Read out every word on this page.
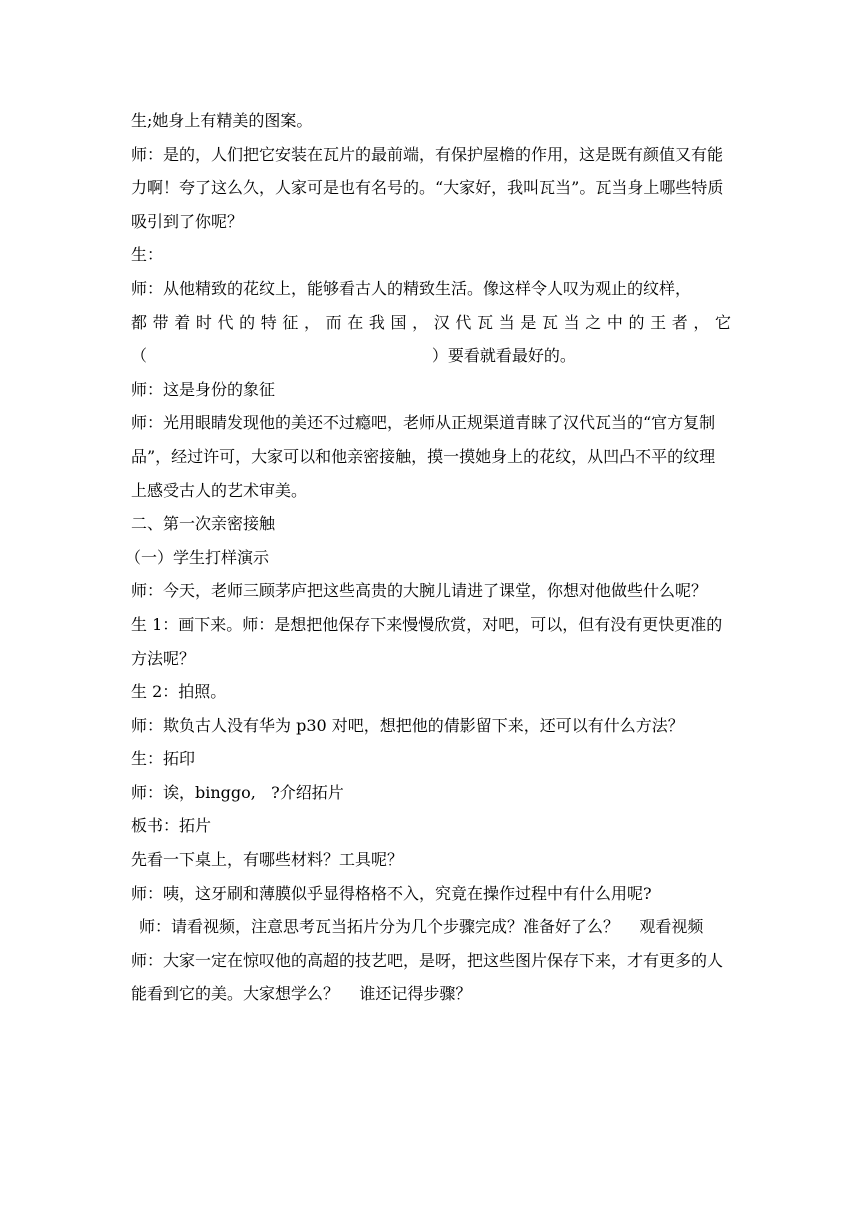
生;她身上有精美的图案。

师：是的，人们把它安装在瓦片的最前端，有保护屋檐的作用，这是既有颜值又有能力啊！夸了这么久，人家可是也有名号的。“大家好，我叫瓦当”。瓦当身上哪些特质吸引到了你呢？

生：

师：从他精致的花纹上，能够看古人的精致生活。像这样令人叹为观止的纹样，

都带着时代的特征，而在我国，汉代瓦当是瓦当之中的王者，它

（                                                        ）要看就看最好的。

师：这是身份的象征

师：光用眼睛发现他的美还不过瘾吧，老师从正规渠道青睐了汉代瓦当的“官方复制品”，经过许可，大家可以和他亲密接触，摸一摸她身上的花纹，从凹凸不平的纹理上感受古人的艺术审美。

二、第一次亲密接触

（一）学生打样演示

师：今天，老师三顾茅庐把这些高贵的大腕儿请进了课堂，你想对他做些什么呢？

生 1：画下来。师：是想把他保存下来慢慢欣赏，对吧，可以，但有没有更快更准的方法呢？

生 2：拍照。

师：欺负古人没有华为 p30 对吧，想把他的倩影留下来，还可以有什么方法？

生：拓印

师：诶，binggo,   ?介绍拓片

板书：拓片

先看一下桌上，有哪些材料？工具呢？

师：咦，这牙刷和薄膜似乎显得格格不入，究竟在操作过程中有什么用呢?

师：请看视频，注意思考瓦当拓片分为几个步骤完成？准备好了么？    观看视频

师：大家一定在惊叹他的高超的技艺吧，是呀，把这些图片保存下来，才有更多的人能看到它的美。大家想学么？    谁还记得步骤？
